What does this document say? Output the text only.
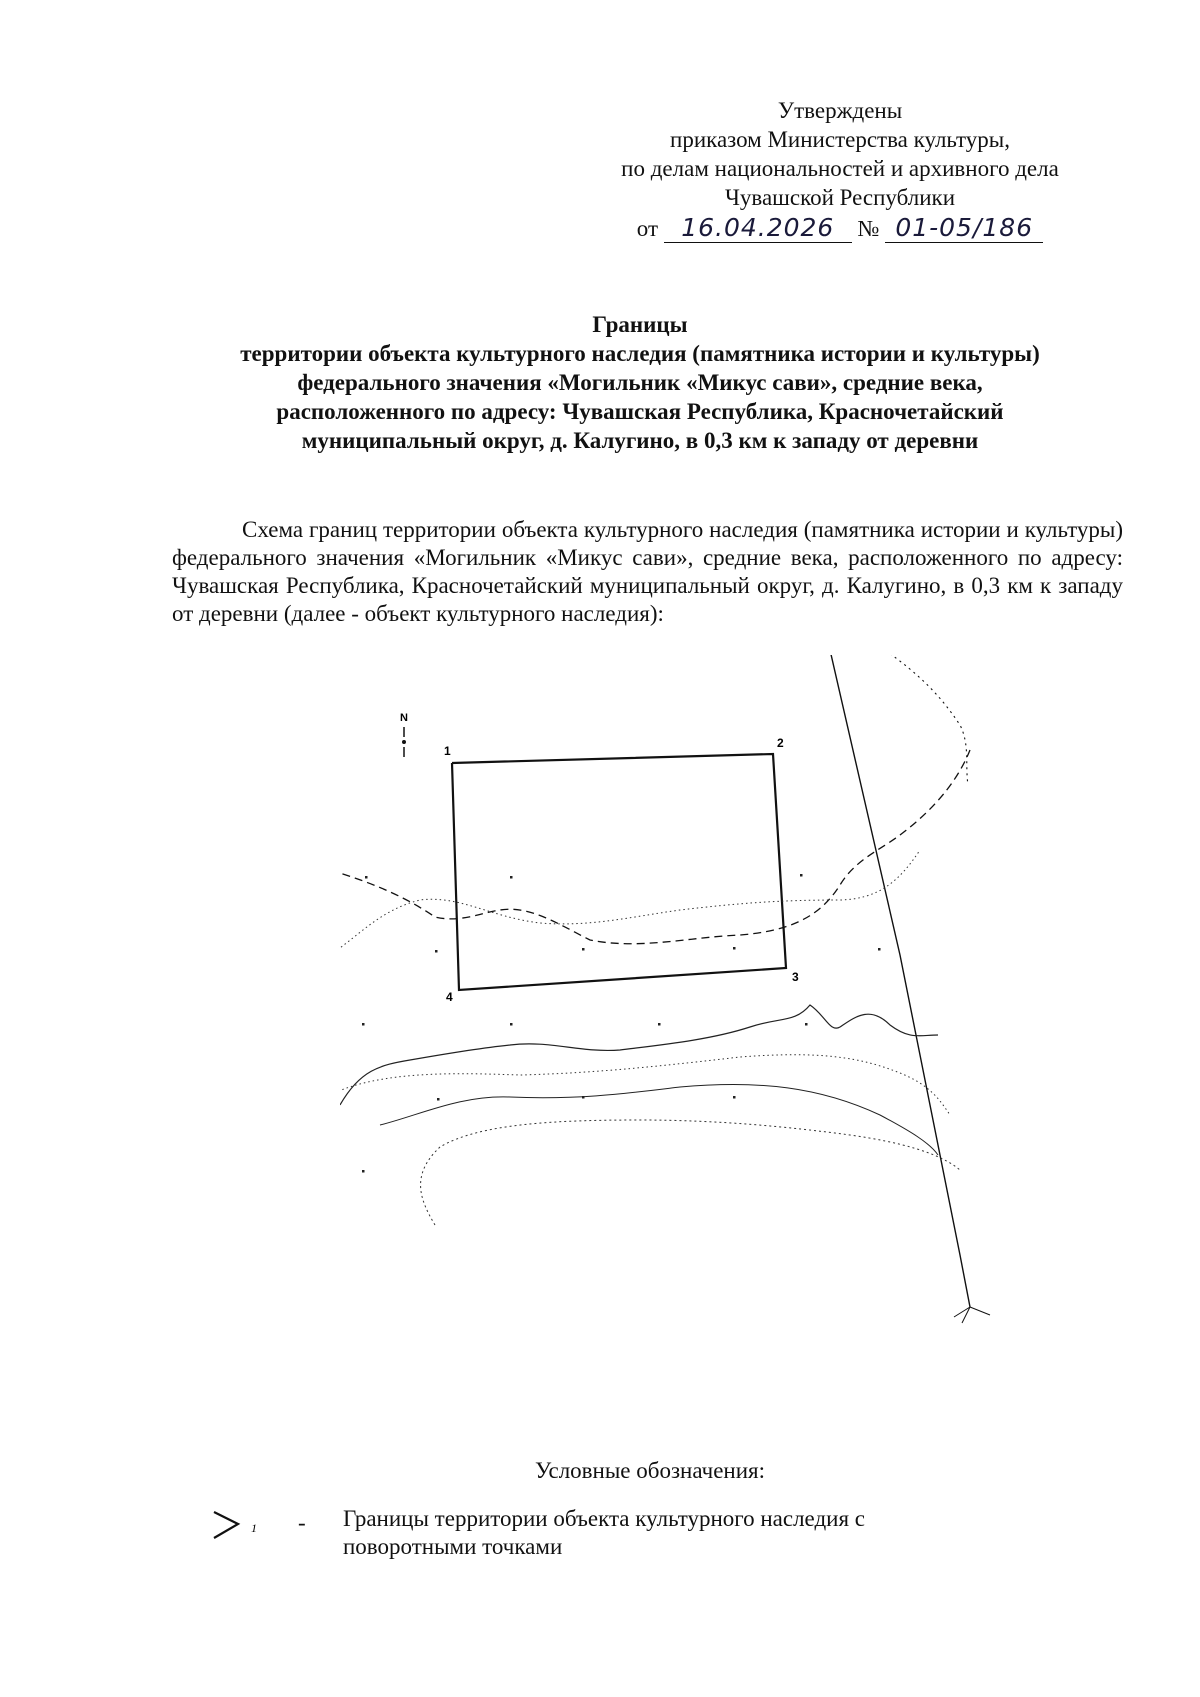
Утверждены
приказом Министерства культуры,
по делам национальностей и архивного дела
Чувашской Республики
от 16.04.2026 № 01-05/186
Границы
территории объекта культурного наследия (памятника истории и культуры)
федерального значения «Могильник «Микус сави», средние века,
расположенного по адресу: Чувашская Республика, Красночетайский
муниципальный округ, д. Калугино, в 0,3 км к западу от деревни

Схема границ территории объекта культурного наследия (памятника истории и культуры) федерального значения «Могильник «Микус сави», средние века, расположенного по адресу: Чувашская Республика, Красночетайский муниципальный округ, д. Калугино, в 0,3 км к западу от деревни (далее - объект культурного наследия):

N
1
2
3
4
Условные обозначения:
1 - Границы территории объекта культурного наследия с поворотными точками
